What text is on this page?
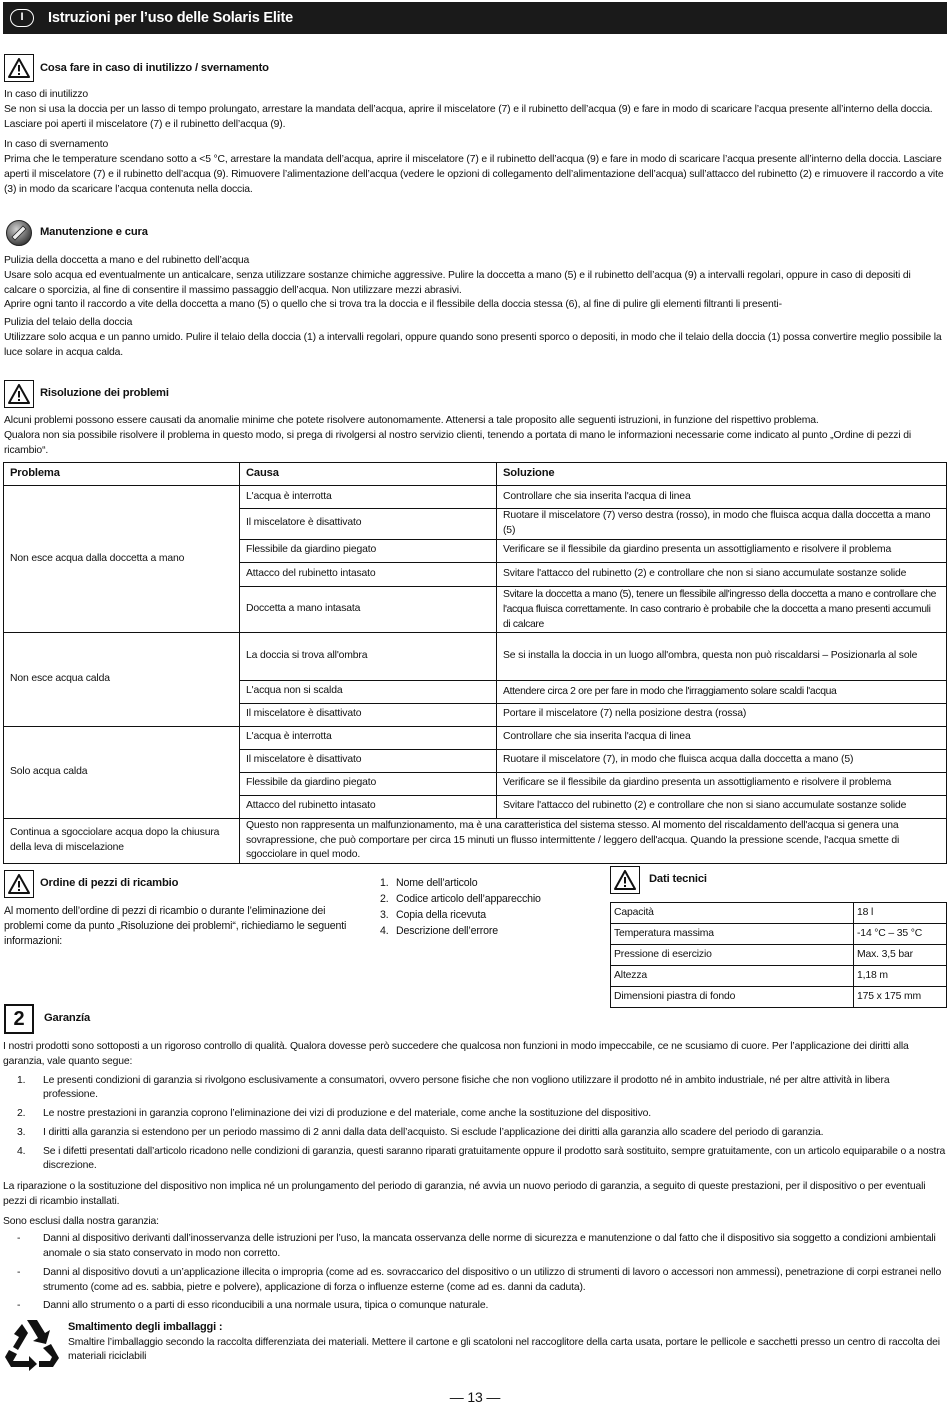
I	Istruzioni per l’uso delle Solaris Elite
Cosa fare in caso di inutilizzo / svernamento

In caso di inutilizzo

Se non si usa la doccia per un lasso di tempo prolungato, arrestare la mandata dell’acqua, aprire il miscelatore (7) e il rubinetto dell’acqua (9) e fare in modo di scaricare l’acqua presente all’interno della doccia. Lasciare poi aperti il miscelatore (7) e il rubinetto dell’acqua (9).

In caso di svernamento

Prima che le temperature scendano sotto a <5 °C, arrestare la mandata dell’acqua, aprire il miscelatore (7) e il rubinetto dell’acqua (9) e fare in modo di scaricare l’acqua presente all’interno della doccia. Lasciare aperti il miscelatore (7) e il rubinetto dell’acqua (9). Rimuovere l’alimentazione dell’acqua (vedere le opzioni di collegamento dell’alimentazione dell’acqua) sull’attacco del rubinetto (2) e rimuovere il raccordo a vite (3) in modo da scaricare l’acqua contenuta nella doccia.

Manutenzione e cura

Pulizia della doccetta a mano e del rubinetto dell’acqua

Usare solo acqua ed eventualmente un anticalcare, senza utilizzare sostanze chimiche aggressive. Pulire la doccetta a mano (5) e il rubinetto dell’acqua (9) a intervalli regolari, oppure in caso di depositi di calcare o sporcizia, al fine di consentire il massimo passaggio dell’acqua. Non utilizzare mezzi abrasivi.

Aprire ogni tanto il raccordo a vite della doccetta a mano (5) o quello che si trova tra la doccia e il flessibile della doccia stessa (6), al fine di pulire gli elementi filtranti li presenti-

Pulizia del telaio della doccia

Utilizzare solo acqua e un panno umido. Pulire il telaio della doccia (1) a intervalli regolari, oppure quando sono presenti sporco o depositi, in modo che il telaio della doccia (1) possa convertire meglio possibile la luce solare in acqua calda.

Risoluzione dei problemi

Alcuni problemi possono essere causati da anomalie minime che potete risolvere autonomamente. Attenersi a tale proposito alle seguenti istruzioni, in funzione del rispettivo problema.

Qualora non sia possibile risolvere il problema in questo modo, si prega di rivolgersi al nostro servizio clienti, tenendo a portata di mano le informazioni necessarie come indicato al punto „Ordine di pezzi di ricambio“.

Problema	Causa	Soluzione
Non esce acqua dalla doccetta a mano	L'acqua è interrotta	Controllare che sia inserita l'acqua di linea
	Il miscelatore è disattivato	Ruotare il miscelatore (7) verso destra (rosso), in modo che fluisca acqua dalla doccetta a mano (5)
	Flessibile da giardino piegato	Verificare se il flessibile da giardino presenta un assottigliamento e risolvere il problema
	Attacco del rubinetto intasato	Svitare l'attacco del rubinetto (2) e controllare che non si siano accumulate sostanze solide
	Doccetta a mano intasata	Svitare la doccetta a mano (5), tenere un flessibile all'ingresso della doccetta a mano e controllare che l'acqua fluisca correttamente. In caso contrario è probabile che la doccetta a mano presenti accumuli di calcare
Non esce acqua calda	La doccia si trova all'ombra	Se si installa la doccia in un luogo all'ombra, questa non può riscaldarsi – Posizionarla al sole
	L'acqua non si scalda	Attendere circa 2 ore per fare in modo che l'irraggiamento solare scaldi l'acqua
	Il miscelatore è disattivato	Portare il miscelatore (7) nella posizione destra (rossa)
Solo acqua calda	L'acqua è interrotta	Controllare che sia inserita l'acqua di linea
	Il miscelatore è disattivato	Ruotare il miscelatore (7), in modo che fluisca acqua dalla doccetta a mano (5)
	Flessibile da giardino piegato	Verificare se il flessibile da giardino presenta un assottigliamento e risolvere il problema
	Attacco del rubinetto intasato	Svitare l'attacco del rubinetto (2) e controllare che non si siano accumulate sostanze solide
Continua a sgocciolare acqua dopo la chiusura della leva di miscelazione	Questo non rappresenta un malfunzionamento, ma è una caratteristica del sistema stesso. Al momento del riscaldamento dell'acqua si genera una sovrapressione, che può comportare per circa 15 minuti un flusso intermittente / leggero dell'acqua. Quando la pressione scende, l'acqua smette di sgocciolare in quel modo.	
Ordine di pezzi di ricambio

Al momento dell’ordine di pezzi di ricambio o durante l’eliminazione dei problemi come da punto „Risoluzione dei problemi“, richiediamo le seguenti informazioni:

1. Nome dell’articolo
2. Codice articolo dell’apparecchio
3. Copia della ricevuta
4. Descrizione dell’errore
Dati tecnici
Capacità	18 l
Temperatura massima	-14 °C – 35 °C
Pressione di esercizio	Max. 3,5 bar
Altezza	1,18 m
Dimensioni piastra di fondo	175 x 175 mm
2	Garanzía

I nostri prodotti sono sottoposti a un rigoroso controllo di qualità. Qualora dovesse però succedere che qualcosa non funzioni in modo impeccabile, ce ne scusiamo di cuore. Per l’applicazione dei diritti alla garanzia, vale quanto segue:

1.	Le presenti condizioni di garanzia si rivolgono esclusivamente a consumatori, ovvero persone fisiche che non vogliono utilizzare il prodotto né in ambito industriale, né per altre attività in libera professione.
2.	Le nostre prestazioni in garanzia coprono l’eliminazione dei vizi di produzione e del materiale, come anche la sostituzione del dispositivo.
3.	I diritti alla garanzia si estendono per un periodo massimo di 2 anni dalla data dell’acquisto. Si esclude l’applicazione dei diritti alla garanzia allo scadere del periodo di garanzia.
4.	Se i difetti presentati dall’articolo ricadono nelle condizioni di garanzia, questi saranno riparati gratuitamente oppure il prodotto sarà sostituito, sempre gratuitamente, con un articolo equiparabile o a nostra discrezione.

La riparazione o la sostituzione del dispositivo non implica né un prolungamento del periodo di garanzia, né avvia un nuovo periodo di garanzia, a seguito di queste prestazioni, per il dispositivo o per eventuali pezzi di ricambio installati.

Sono esclusi dalla nostra garanzia:

-	Danni al dispositivo derivanti dall’inosservanza delle istruzioni per l’uso, la mancata osservanza delle norme di sicurezza e manutenzione o dal fatto che il dispositivo sia soggetto a condizioni ambientali anomale o sia stato conservato in modo non corretto.
-	Danni al dispositivo dovuti a un’applicazione illecita o impropria (come ad es. sovraccarico del dispositivo o un utilizzo di strumenti di lavoro o accessori non ammessi), penetrazione di corpi estranei nello strumento (come ad es. sabbia, pietre e polvere), applicazione di forza o influenze esterne (come ad es. danni da caduta).
-	Danni allo strumento o a parti di esso riconducibili a una normale usura, tipica o comunque naturale.

Smaltimento degli imballaggi :

Smaltire l’imballaggio secondo la raccolta differenziata dei materiali. Mettere il cartone e gli scatoloni nel raccoglitore della carta usata, portare le pellicole e sacchetti presso un centro di raccolta dei materiali riciclabili

— 13 —
